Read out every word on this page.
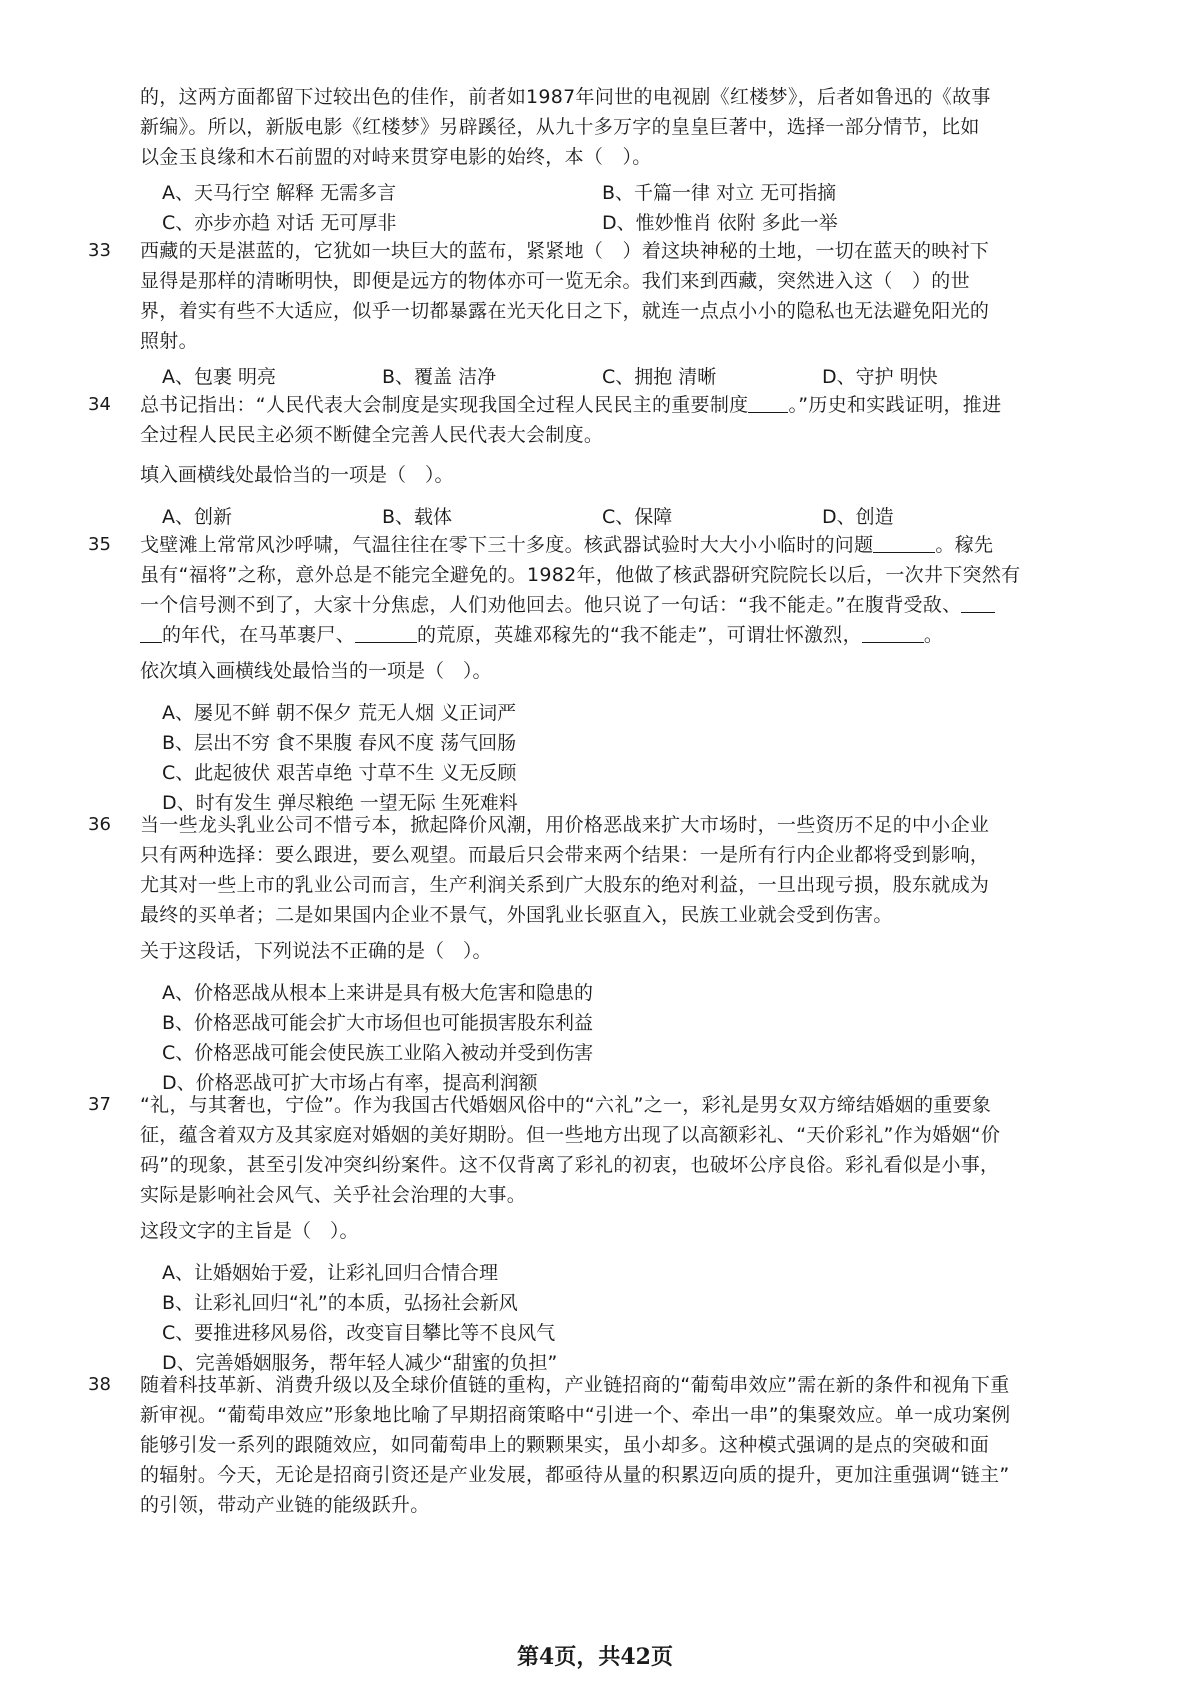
的，这两方面都留下过较出色的佳作，前者如1987年问世的电视剧《红楼梦》，后者如鲁迅的《故事
新编》。所以，新版电影《红楼梦》另辟蹊径，从九十多万字的皇皇巨著中，选择一部分情节，比如
以金玉良缘和木石前盟的对峙来贯穿电影的始终，本（　）。
A、天马行空 解释 无需多言	B、千篇一律 对立 无可指摘
C、亦步亦趋 对话 无可厚非	D、惟妙惟肖 依附 多此一举
33	西藏的天是湛蓝的，它犹如一块巨大的蓝布，紧紧地（　）着这块神秘的土地，一切在蓝天的映衬下
显得是那样的清晰明快，即便是远方的物体亦可一览无余。我们来到西藏，突然进入这（　）的世
界，着实有些不大适应，似乎一切都暴露在光天化日之下，就连一点点小小的隐私也无法避免阳光的
照射。
A、包裹 明亮	B、覆盖 洁净	C、拥抱 清晰	D、守护 明快
34	总书记指出：“人民代表大会制度是实现我国全过程人民民主的重要制度 。”历史和实践证明，推进
全过程人民民主必须不断健全完善人民代表大会制度。
填入画横线处最恰当的一项是（　）。
A、创新	B、载体	C、保障	D、创造
35	戈壁滩上常常风沙呼啸，气温往往在零下三十多度。核武器试验时大大小小临时的问题	。稼先
虽有“福将”之称，意外总是不能完全避免的。1982年，他做了核武器研究院院长以后，一次井下突然有
一个信号测不到了，大家十分焦虑，人们劝他回去。他只说了一句话：“我不能走。”在腹背受敌、
的年代，在马革裹尸、	的荒原，英雄邓稼先的“我不能走”，可谓壮怀激烈，	。
依次填入画横线处最恰当的一项是（　）。
A、屡见不鲜 朝不保夕 荒无人烟 义正词严
B、层出不穷 食不果腹 春风不度 荡气回肠
C、此起彼伏 艰苦卓绝 寸草不生 义无反顾
D、时有发生 弹尽粮绝 一望无际 生死难料
36	当一些龙头乳业公司不惜亏本，掀起降价风潮，用价格恶战来扩大市场时，一些资历不足的中小企业
只有两种选择：要么跟进，要么观望。而最后只会带来两个结果：一是所有行内企业都将受到影响，
尤其对一些上市的乳业公司而言，生产利润关系到广大股东的绝对利益，一旦出现亏损，股东就成为
最终的买单者；二是如果国内企业不景气，外国乳业长驱直入，民族工业就会受到伤害。
关于这段话，下列说法不正确的是（　）。
A、价格恶战从根本上来讲是具有极大危害和隐患的
B、价格恶战可能会扩大市场但也可能损害股东利益
C、价格恶战可能会使民族工业陷入被动并受到伤害
D、价格恶战可扩大市场占有率，提高利润额
37	“礼，与其奢也，宁俭”。作为我国古代婚姻风俗中的“六礼”之一，彩礼是男女双方缔结婚姻的重要象
征，蕴含着双方及其家庭对婚姻的美好期盼。但一些地方出现了以高额彩礼、“天价彩礼”作为婚姻“价
码”的现象，甚至引发冲突纠纷案件。这不仅背离了彩礼的初衷，也破坏公序良俗。彩礼看似是小事，
实际是影响社会风气、关乎社会治理的大事。
这段文字的主旨是（　）。
A、让婚姻始于爱，让彩礼回归合情合理
B、让彩礼回归“礼”的本质，弘扬社会新风
C、要推进移风易俗，改变盲目攀比等不良风气
D、完善婚姻服务，帮年轻人减少“甜蜜的负担”
38	随着科技革新、消费升级以及全球价值链的重构，产业链招商的“葡萄串效应”需在新的条件和视角下重
新审视。“葡萄串效应”形象地比喻了早期招商策略中“引进一个、牵出一串”的集聚效应。单一成功案例
能够引发一系列的跟随效应，如同葡萄串上的颗颗果实，虽小却多。这种模式强调的是点的突破和面
的辐射。今天，无论是招商引资还是产业发展，都亟待从量的积累迈向质的提升，更加注重强调“链主”
的引领，带动产业链的能级跃升。
第4页，共42页
